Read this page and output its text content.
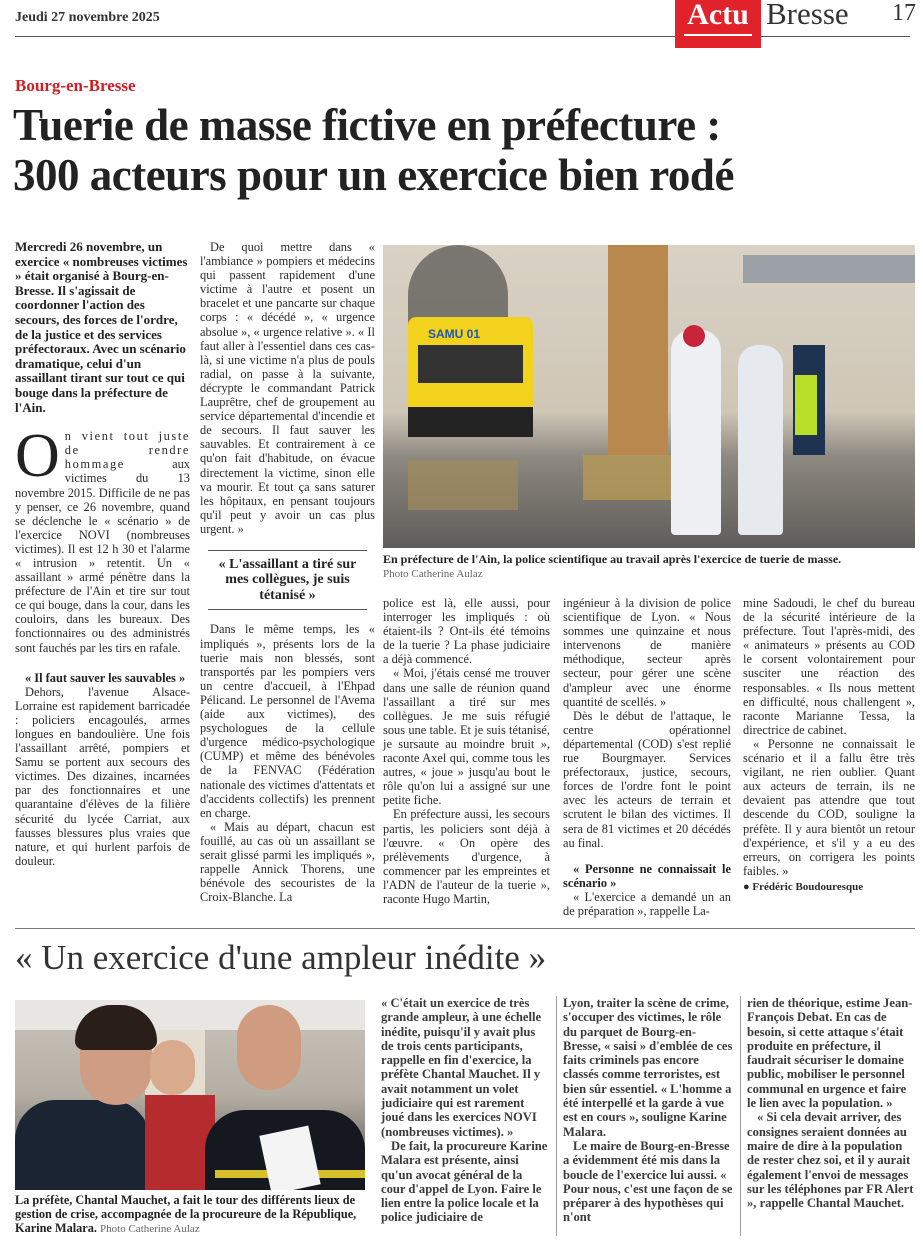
Jeudi 27 novembre 2025	Actu Bresse 17
Bourg-en-Bresse
Tuerie de masse fictive en préfecture :
300 acteurs pour un exercice bien rodé

Mercredi 26 novembre, un exercice « nombreuses victimes » était organisé à Bourg-en-Bresse. Il s'agissait de coordonner l'action des secours, des forces de l'ordre, de la justice et des services préfectoraux. Avec un scénario dramatique, celui d'un assaillant tirant sur tout ce qui bouge dans la préfecture de l'Ain.

On vient tout juste de rendre hommage	aux victimes du 13 novembre 2015. Difficile de ne pas y penser, ce 26 novembre, quand se déclenche le « scénario » de l'exercice NOVI (nombreuses victimes). Il est 12 h 30 et l'alarme « intrusion » retentit. Un « assaillant » armé pénètre dans la préfecture de l'Ain et tire sur tout ce qui bouge, dans la cour, dans les couloirs, dans les bureaux. Des fonctionnaires ou des administrés sont fauchés par les tirs en rafale.

« Il faut sauver les sauvables »

Dehors, l'avenue Alsace-Lorraine est rapidement barricadée : policiers encagoulés, armes longues en bandoulière. Une fois l'assaillant arrêté, pompiers et Samu se portent aux secours des victimes. Des dizaines, incarnées par des fonctionnaires et une quarantaine d'élèves de la filière sécurité du lycée Carriat, aux fausses blessures plus vraies que nature, et qui hurlent parfois de douleur.

De quoi mettre dans « l'ambiance » pompiers et médecins qui passent rapidement d'une victime à l'autre et posent un bracelet et une pancarte sur chaque corps : « décédé », « urgence absolue », « urgence relative ». « Il faut aller à l'essentiel dans ces cas-là, si une victime n'a plus de pouls radial, on passe à la suivante, décrypte le commandant Patrick Lauprêtre, chef de groupement au service départemental d'incendie et de secours. Il faut sauver les sauvables. Et contrairement à ce qu'on fait d'habitude, on évacue directement la victime, sinon elle va mourir. Et tout ça sans saturer les hôpitaux, en pensant toujours qu'il peut y avoir un cas plus urgent. »

« L'assaillant a tiré sur mes collègues, je suis tétanisé »

Dans le même temps, les « impliqués », présents lors de la tuerie mais non blessés, sont transportés par les pompiers vers un centre d'accueil, à l'Ehpad Pélicand. Le personnel de l'Avema (aide aux victimes), des psychologues de la cellule d'urgence médico-psychologique (CUMP) et même des bénévoles de la FENVAC (Fédération nationale des victimes d'attentats et d'accidents collectifs) les prennent en charge.

« Mais au départ, chacun est fouillé, au cas où un assaillant se serait glissé parmi les impliqués », rappelle Annick Thorens, une bénévole des secouristes de la Croix-Blanche. La

SAMU 01
En préfecture de l'Ain, la police scientifique au travail après l'exercice de tuerie de masse.
Photo Catherine Aulaz

police est là, elle aussi, pour interroger les impliqués : où étaient-ils ? Ont-ils été témoins de la tuerie ? La phase judiciaire a déjà commencé.

« Moi, j'étais censé me trouver dans une salle de réunion quand l'assaillant a tiré sur mes collègues. Je me suis réfugié sous une table. Et je suis tétanisé, je sursaute au moindre bruit », raconte Axel qui, comme tous les autres, « joue » jusqu'au bout le rôle qu'on lui a assigné sur une petite fiche.

En préfecture aussi, les secours partis, les policiers sont déjà à l'œuvre. « On opère des prélèvements d'urgence, à commencer par les empreintes et l'ADN de l'auteur de la tuerie », raconte Hugo Martin,

ingénieur à la division de police scientifique de Lyon. « Nous sommes une quinzaine et nous intervenons de manière méthodique, secteur après secteur, pour gérer une scène d'ampleur avec une énorme quantité de scellés. »

Dès le début de l'attaque, le centre opérationnel départemental (COD) s'est replié rue Bourgmayer. Services préfectoraux, justice, secours, forces de l'ordre font le point avec les acteurs de terrain et scrutent le bilan des victimes. Il sera de 81 victimes et 20 décédés au final.

« Personne ne connaissait le scénario »

« L'exercice a demandé un an de préparation », rappelle La-

mine Sadoudi, le chef du bureau de la sécurité intérieure de la préfecture. Tout l'après-midi, des « animateurs » présents au COD le corsent volontairement pour susciter une réaction des responsables. « Ils nous mettent en difficulté, nous challengent », raconte Marianne Tessa, la directrice de cabinet.

« Personne ne connaissait le scénario et il a fallu être très vigilant, ne rien oublier. Quant aux acteurs de terrain, ils ne devaient pas attendre que tout descende du COD, souligne la préfète. Il y aura bientôt un retour d'expérience, et s'il y a eu des erreurs, on corrigera les points faibles. »

● Frédéric Boudouresque
« Un exercice d'une ampleur inédite »
La préfète, Chantal Mauchet, a fait le tour des différents lieux de gestion de crise, accompagnée de la procureure de la République, Karine Malara. Photo Catherine Aulaz

« C'était un exercice de très grande ampleur, à une échelle inédite, puisqu'il y avait plus de trois cents participants, rappelle en fin d'exercice, la préfète Chantal Mauchet. Il y avait notamment un volet judiciaire qui est rarement joué dans les exercices NOVI (nombreuses victimes). »

De fait, la procureure Karine Malara est présente, ainsi qu'un avocat général de la cour d'appel de Lyon. Faire le lien entre la police locale et la police judiciaire de

Lyon, traiter la scène de crime, s'occuper des victimes, le rôle du parquet de Bourg-en-Bresse, « saisi » d'emblée de ces faits criminels pas encore classés comme terroristes, est bien sûr essentiel. « L'homme a été interpellé et la garde à vue est en cours », souligne Karine Malara.

Le maire de Bourg-en-Bresse a évidemment été mis dans la boucle de l'exercice lui aussi. « Pour nous, c'est une façon de se préparer à des hypothèses qui n'ont

rien de théorique, estime Jean-François Debat. En cas de besoin, si cette attaque s'était produite en préfecture, il faudrait sécuriser le domaine public, mobiliser le personnel communal en urgence et faire le lien avec la population. »

« Si cela devait arriver, des consignes seraient données au maire de dire à la population de rester chez soi, et il y aurait également l'envoi de messages sur les téléphones par FR Alert », rappelle Chantal Mauchet.
